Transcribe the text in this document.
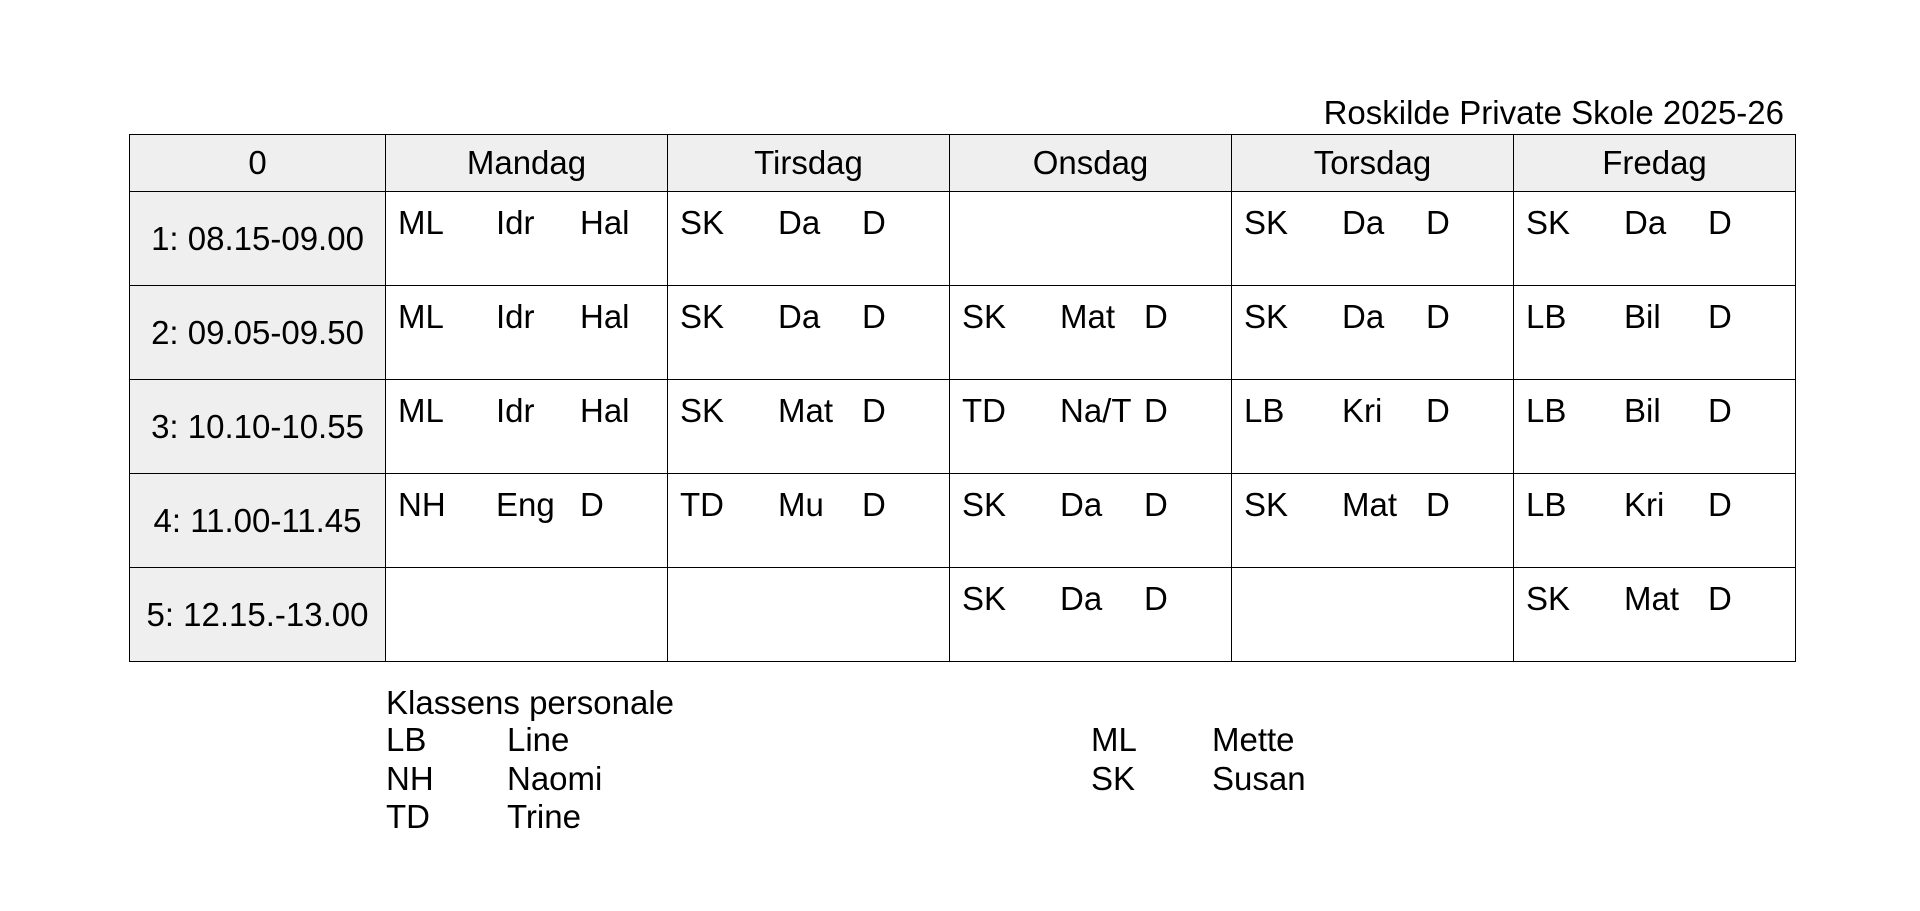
Roskilde Private Skole 2025-26
0	Mandag	Tirsdag	Onsdag	Torsdag	Fredag
1: 08.15-09.00	ML Idr Hal	SK Da D		SK Da D	SK Da D

2: 09.05-09.50	ML Idr Hal	SK Da D	SK Mat D	SK Da D	LB Bil D

3: 10.10-10.55	ML Idr Hal	SK Mat D	TD Na/T D	LB Kri D	LB Bil D

4: 11.00-11.45	NH Eng D	TD Mu D	SK Da D	SK Mat D	LB Kri D

5: 12.15.-13.00			SK Da D		SK Mat D
Klassens personale
LB Line
NH Naomi
TD Trine
ML Mette
SK Susan
